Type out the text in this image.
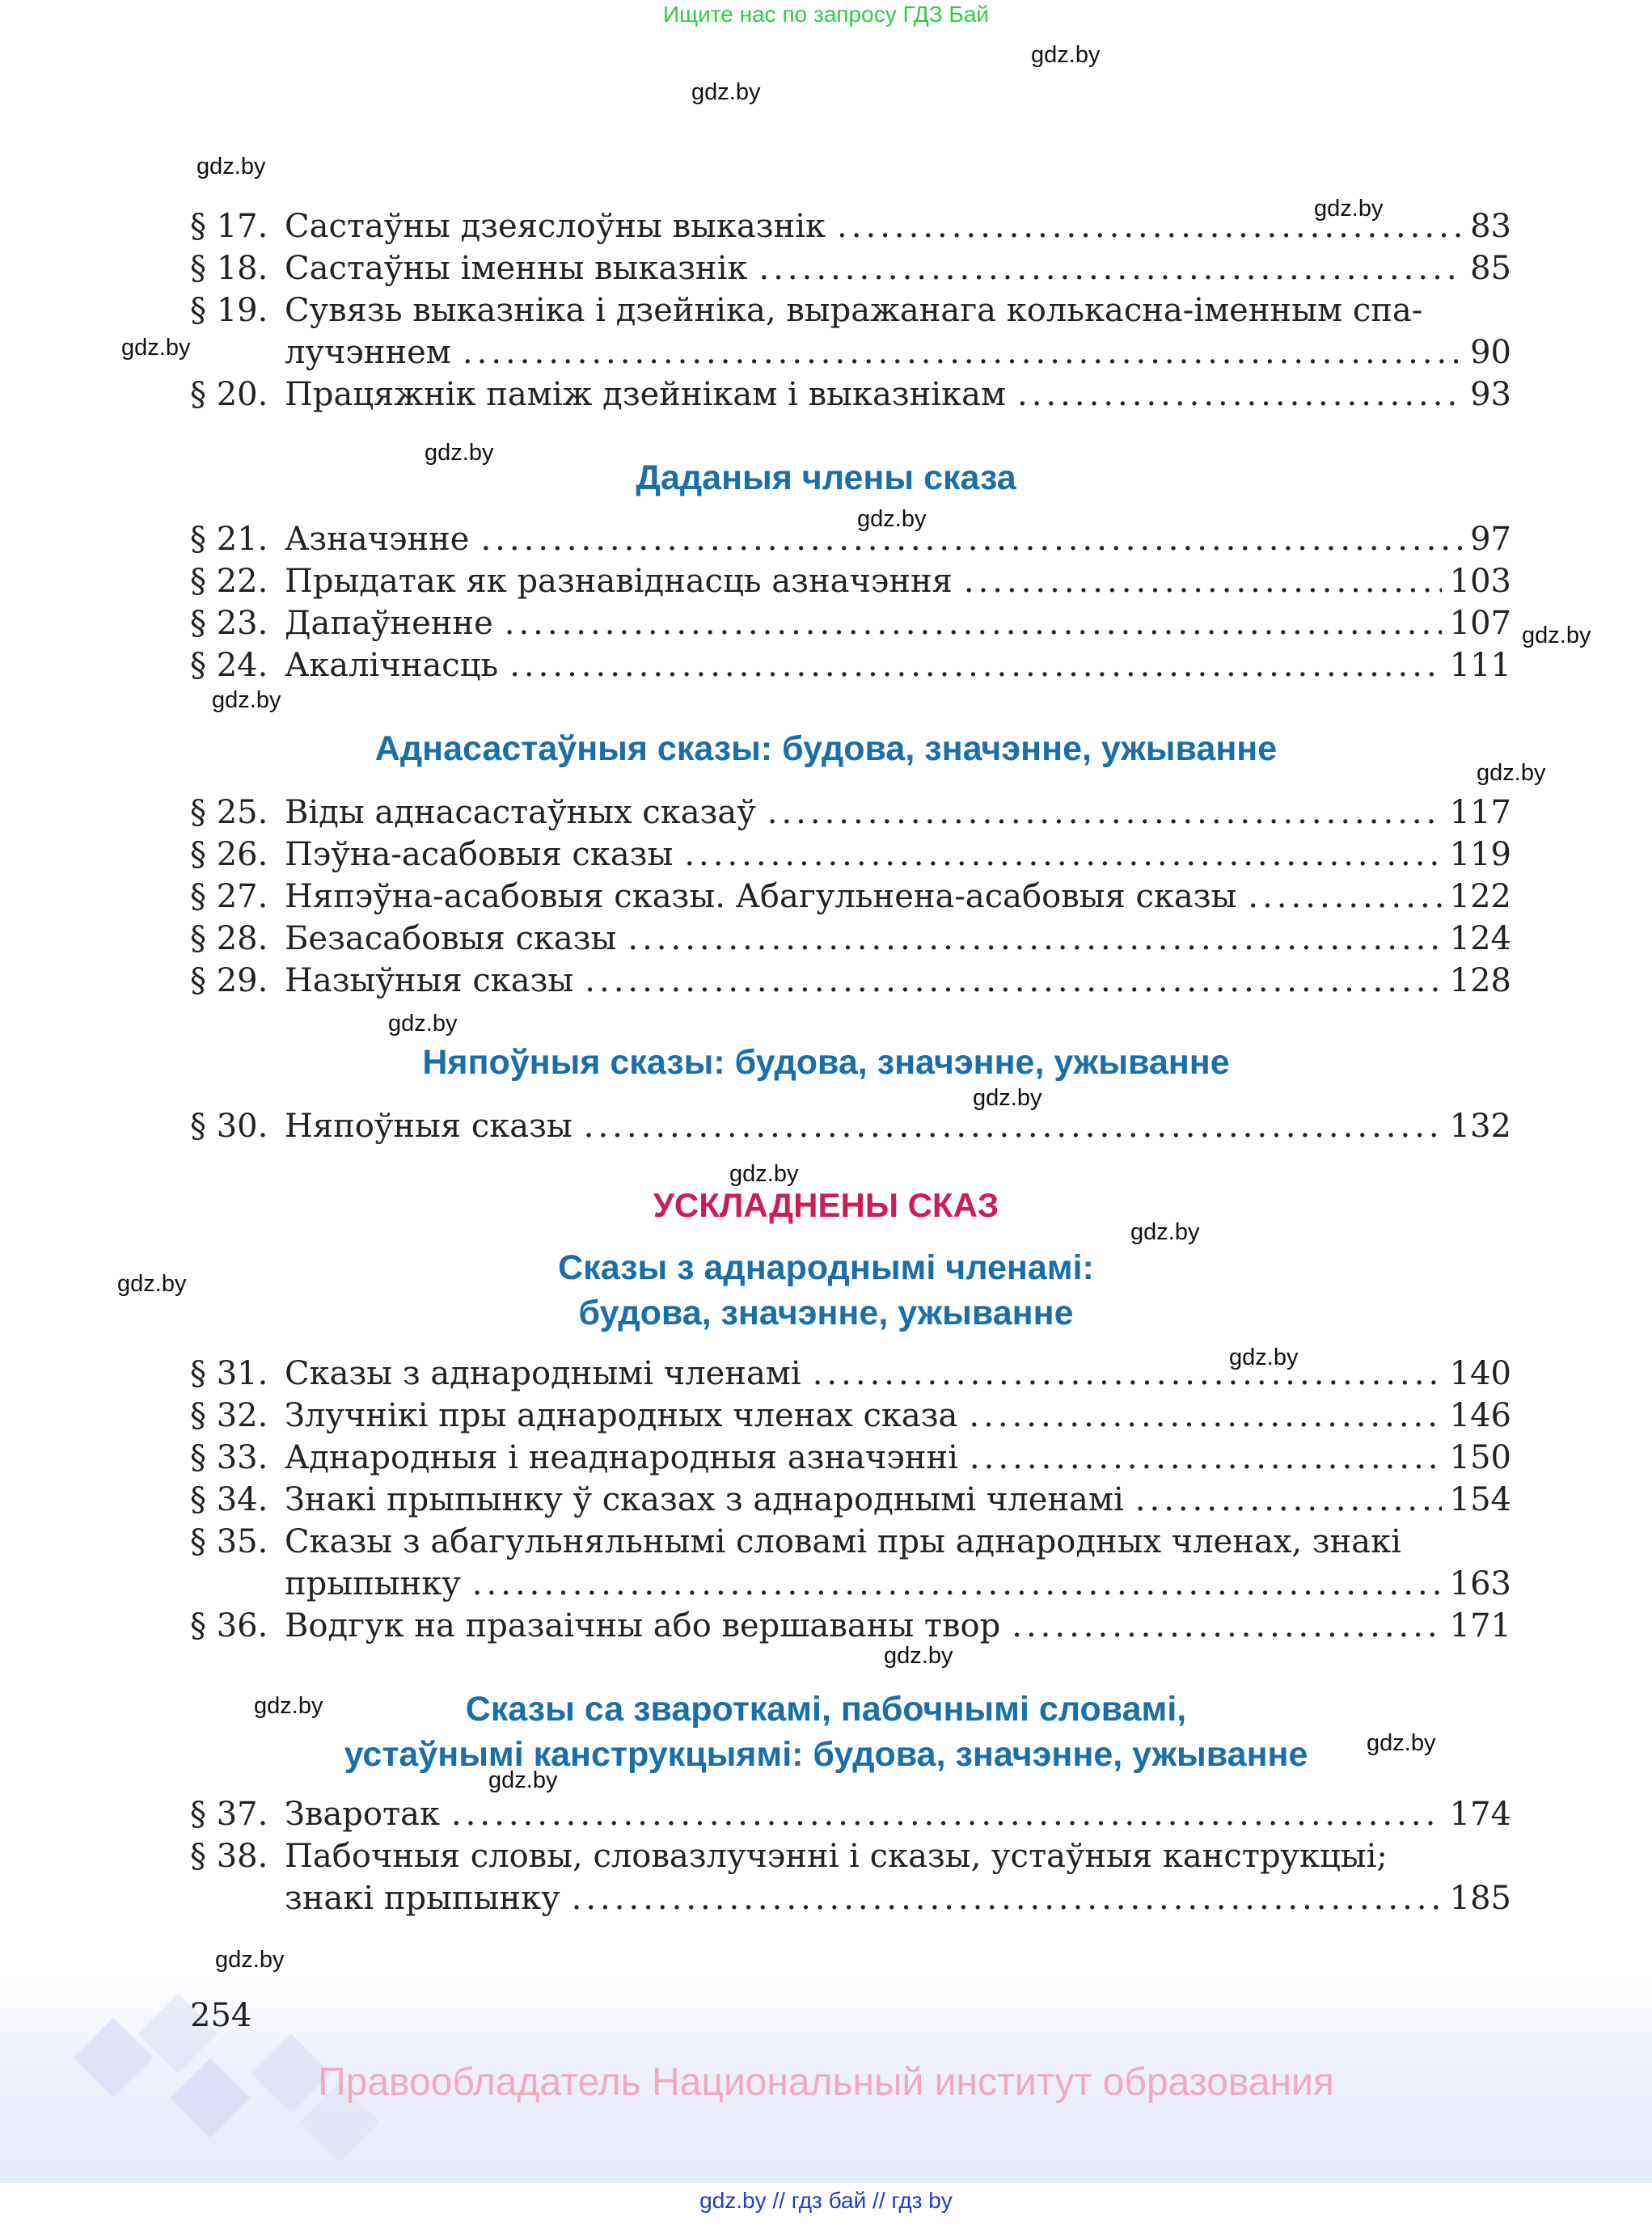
Ищите нас по запросу ГДЗ Бай
gdz.by
gdz.by
gdz.by
gdz.by
gdz.by
gdz.by
gdz.by
gdz.by
gdz.by
gdz.by
gdz.by
gdz.by
gdz.by
gdz.by
gdz.by
gdz.by
gdz.by
gdz.by
gdz.by
gdz.by
gdz.by
§ 17. Састаўны дзеяслоўны выказнік .....	83
§ 18. Састаўны іменны выказнік .....	85
§ 19. Сувязь выказніка і дзейніка, выражанага колькасна-іменным спа-
лучэннем .....	90
§ 20. Працяжнік паміж дзейнікам і выказнікам .....	93
Даданыя члены сказа
§ 21. Азначэнне .....	97
§ 22. Прыдатак як разнавіднасць азначэння .....	103
§ 23. Дапаўненне .....	107
§ 24. Акалічнасць .....	111
Аднасастаўныя сказы: будова, значэнне, ужыванне
§ 25. Віды аднасастаўных сказаў .....	117
§ 26. Пэўна-асабовыя сказы .....	119
§ 27. Няпэўна-асабовыя сказы. Абагульнена-асабовыя сказы .....	122
§ 28. Безасабовыя сказы .....	124
§ 29. Назыўныя сказы .....	128
Няпоўныя сказы: будова, значэнне, ужыванне
§ 30. Няпоўныя сказы .....	132
УСКЛАДНЕНЫ СКАЗ
Сказы з аднароднымі членамі:
будова, значэнне, ужыванне
§ 31. Сказы з аднароднымі членамі .....	140
§ 32. Злучнікі пры аднародных членах сказа .....	146
§ 33. Аднародныя і неаднародныя азначэнні .....	150
§ 34. Знакі прыпынку ў сказах з аднароднымі членамі .....	154
§ 35. Сказы з абагульняльнымі словамі пры аднародных членах, знакі
прыпынку .....	163
§ 36. Водгук на празаічны або вершаваны твор .....	171
Сказы са звароткамі, пабочнымі словамі,
устаўнымі канструкцыямі: будова, значэнне, ужыванне
§ 37. Зваротак .....	174
§ 38. Пабочныя словы, словазлучэнні і сказы, устаўныя канструкцыі;
знакі прыпынку .....	185
254
Правообладатель Национальный институт образования
gdz.by // гдз бай // гдз by
